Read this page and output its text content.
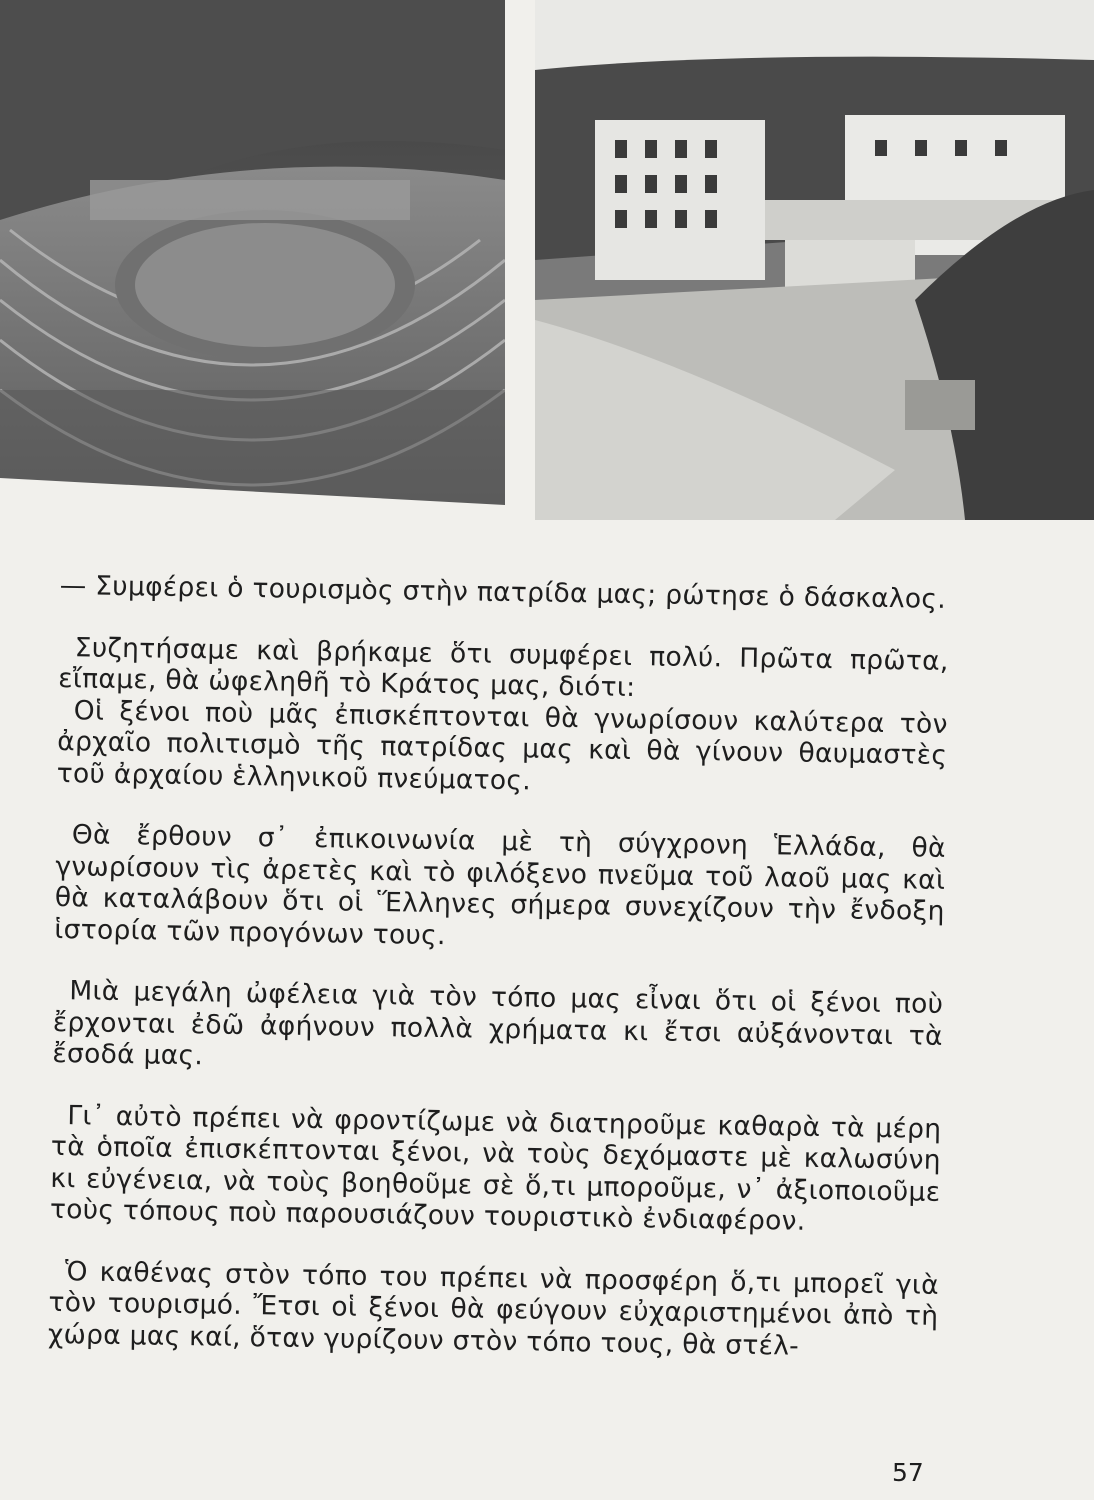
— Συμφέρει ὁ τουρισμὸς στὴν πατρίδα μας; ρώτησε ὁ δάσκαλος.

Συζητήσαμε καὶ βρήκαμε ὅτι συμφέρει πολύ. Πρῶτα πρῶτα, εἴπαμε, θὰ ὠφεληθῆ τὸ Κράτος μας, διότι:

Οἱ ξένοι ποὺ μᾶς ἐπισκέπτονται θὰ γνωρίσουν καλύτερα τὸν ἀρχαῖο πολιτισμὸ τῆς πατρίδας μας καὶ θὰ γίνουν θαυμαστὲς τοῦ ἀρχαίου ἑλληνικοῦ πνεύματος.

Θὰ ἔρθουν σ᾽ ἐπικοινωνία μὲ τὴ σύγχρονη Ἑλλάδα, θὰ γνωρίσουν τὶς ἀρετὲς καὶ τὸ φιλόξενο πνεῦμα τοῦ λαοῦ μας καὶ θὰ καταλάβουν ὅτι οἱ Ἕλληνες σήμερα συνεχίζουν τὴν ἔνδοξη ἱστορία τῶν προγόνων τους.

Μιὰ μεγάλη ὠφέλεια γιὰ τὸν τόπο μας εἶναι ὅτι οἱ ξένοι ποὺ ἔρχονται ἐδῶ ἀφήνουν πολλὰ χρήματα κι ἔτσι αὐξάνονται τὰ ἔσοδά μας.

Γι᾽ αὐτὸ πρέπει νὰ φροντίζωμε νὰ διατηροῦμε καθαρὰ τὰ μέρη τὰ ὁποῖα ἐπισκέπτονται ξένοι, νὰ τοὺς δεχόμαστε μὲ καλωσύνη κι εὐγένεια, νὰ τοὺς βοηθοῦμε σὲ ὅ,τι μποροῦμε, ν᾽ ἀξιοποιοῦμε τοὺς τόπους ποὺ παρουσιάζουν τουριστικὸ ἐνδιαφέρον.

Ὁ καθένας στὸν τόπο του πρέπει νὰ προσφέρη ὅ,τι μπορεῖ γιὰ τὸν τουρισμό. Ἔτσι οἱ ξένοι θὰ φεύγουν εὐχαριστημένοι ἀπὸ τὴ χώρα μας καί, ὅταν γυρίζουν στὸν τόπο τους, θὰ στέλ-

57
